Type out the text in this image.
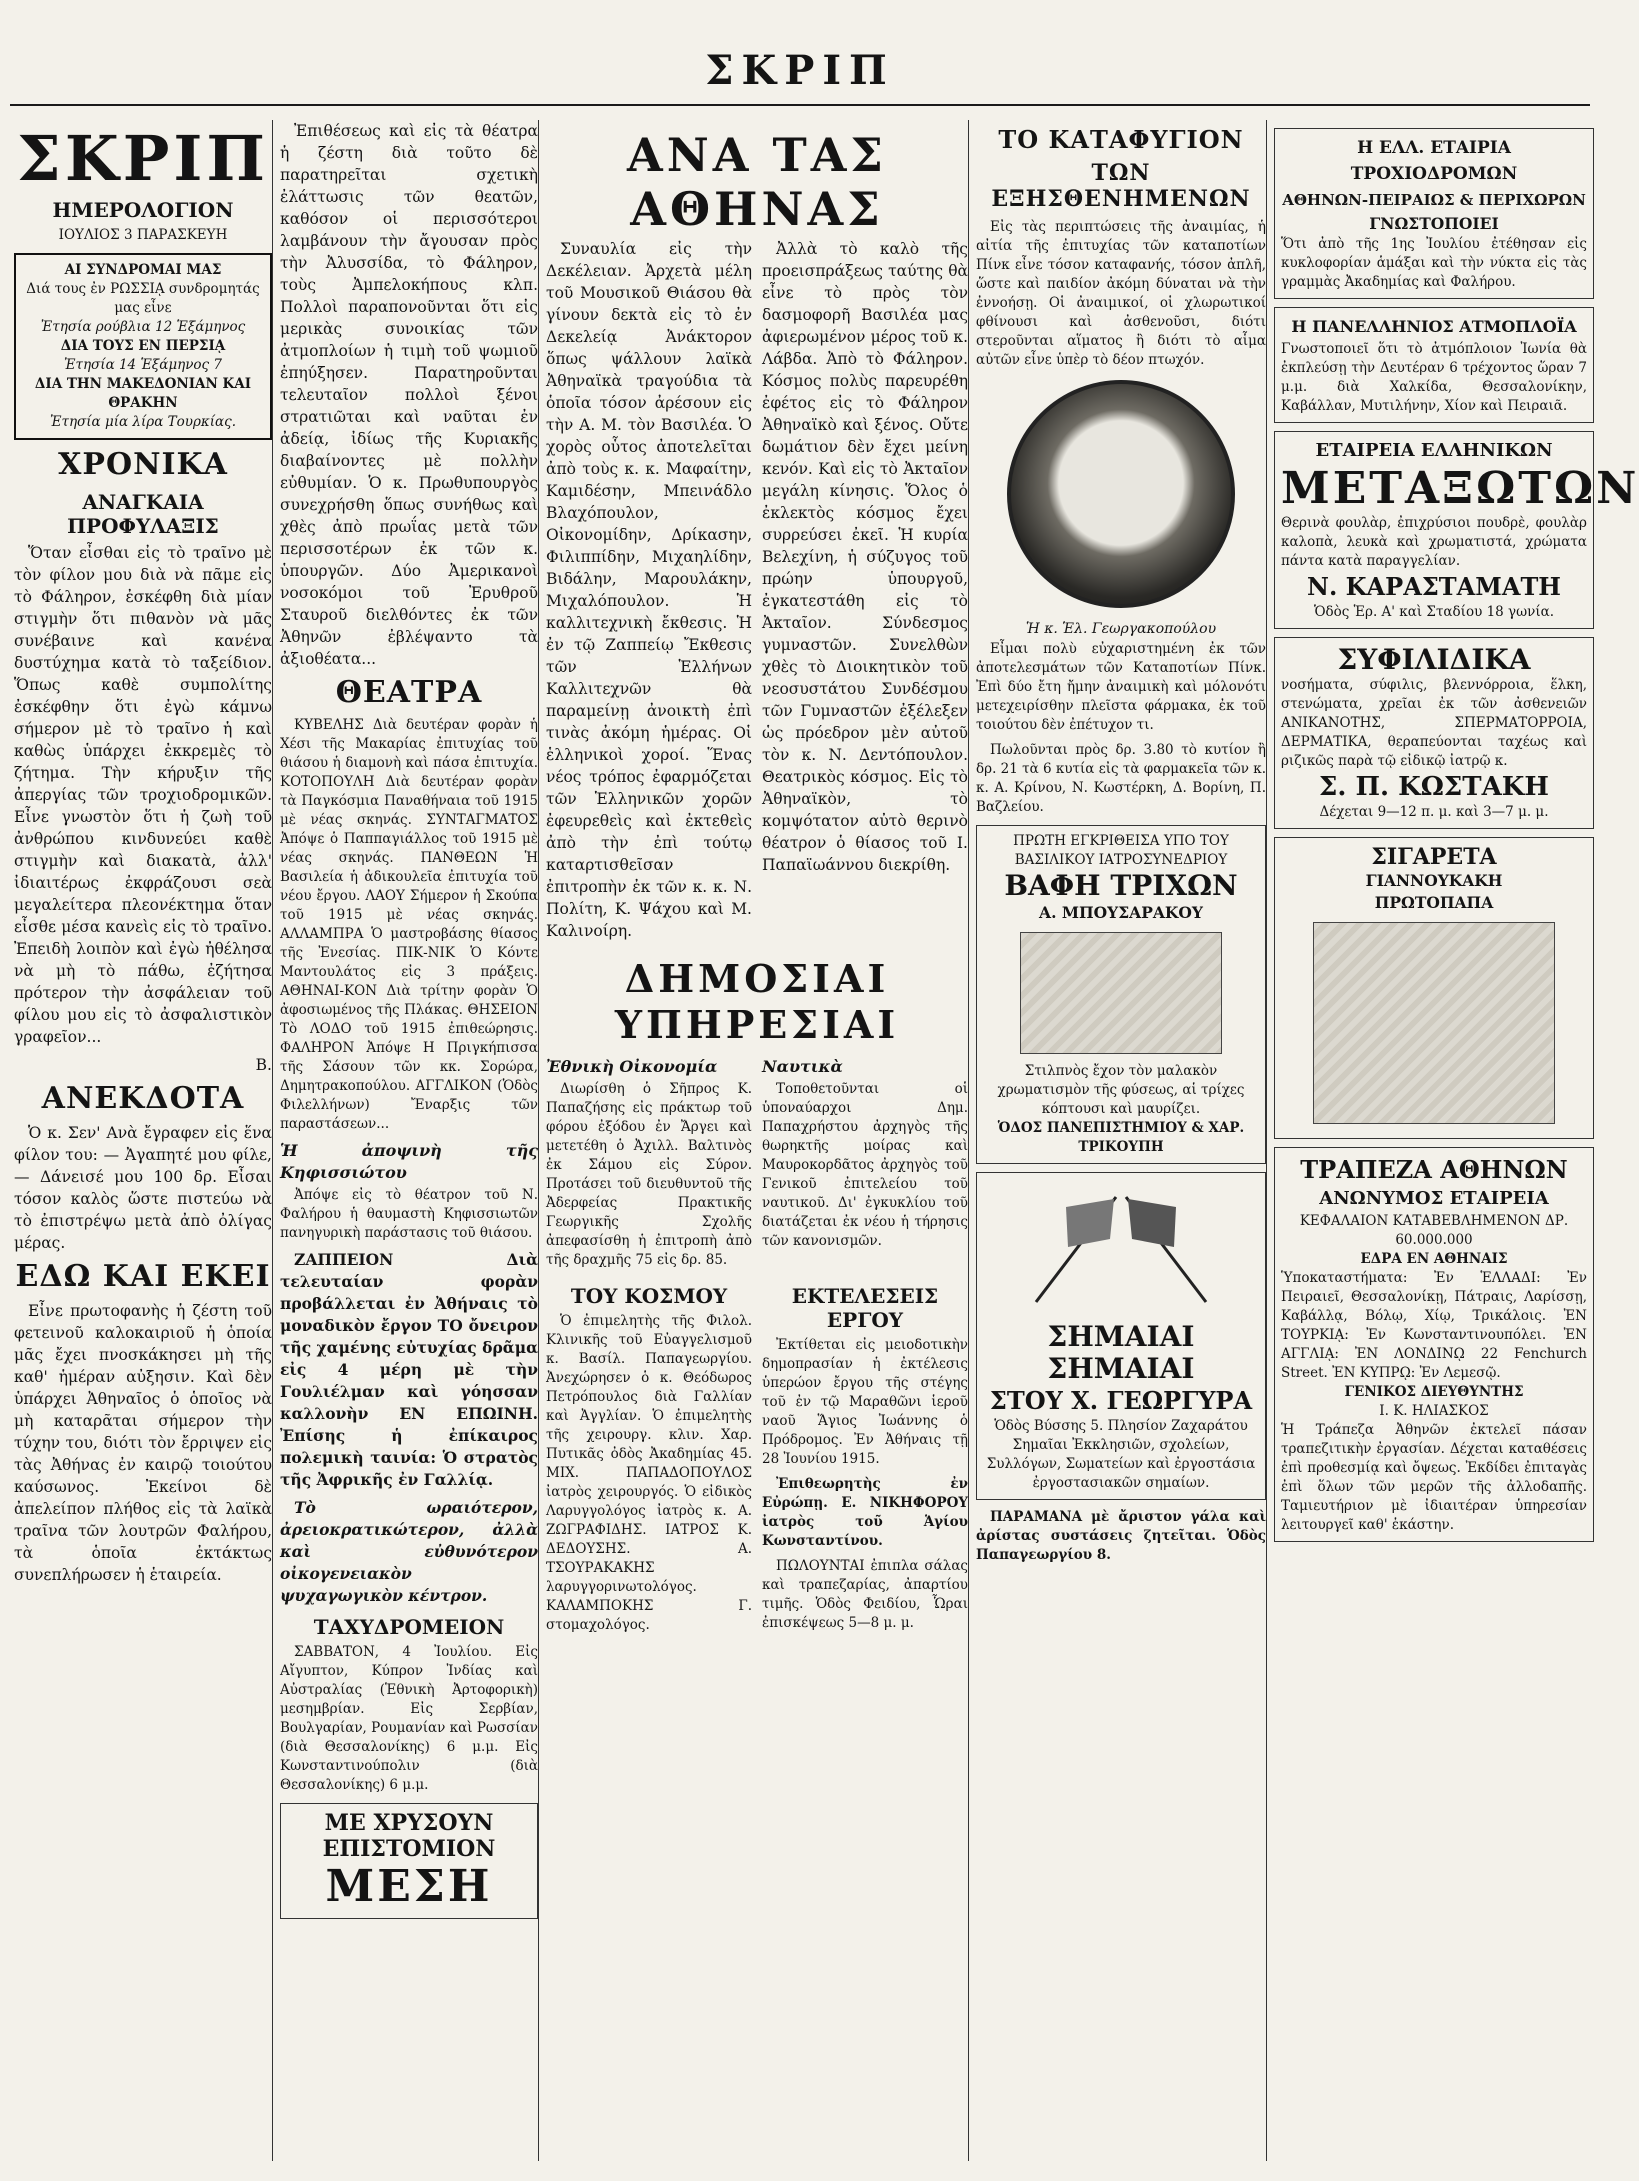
ΣΚΡΙΠ
ΣΚΡΙΠ
ΗΜΕΡΟΛΟΓΙΟΝ
ΙΟΥΛΙΟΣ 3 ΠΑΡΑΣΚΕΥΗ
ΑΙ ΣΥΝΔΡΟΜΑΙ ΜΑΣ
Διά τους ἐν ΡΩΣΣΙᾼ συνδρομητάς μας εἶνε
Ἐτησία ρούβλια 12 Ἑξάμηνος
ΔΙΑ ΤΟΥΣ ΕΝ ΠΕΡΣΙᾼ
Ἐτησία 14 Ἑξάμηνος 7
ΔΙΑ ΤΗΝ ΜΑΚΕΔΟΝΙΑΝ ΚΑΙ ΘΡΑΚΗΝ
Ἐτησία μία λίρα Τουρκίας.
ΧΡΟΝΙΚΑ
ΑΝΑΓΚΑΙΑ ΠΡΟΦΥΛΑΞΙΣ

Ὅταν εἶσθαι εἰς τὸ τραῖνο μὲ τὸν φίλον μου διὰ νὰ πᾶμε εἰς τὸ Φάληρον, ἐσκέφθη διὰ μίαν στιγμὴν ὅτι πιθανὸν νὰ μᾶς συνέβαινε καὶ κανένα δυστύχημα κατὰ τὸ ταξείδιον. Ὅπως καθὲ συμπολίτης ἐσκέφθην ὅτι ἐγὼ κάμνω σήμερον μὲ τὸ τραῖνο ἡ καὶ καθὼς ὑπάρχει ἐκκρεμὲς τὸ ζήτημα. Τὴν κήρυξιν τῆς ἀπεργίας τῶν τροχιοδρομικῶν. Εἶνε γνωστὸν ὅτι ἡ ζωὴ τοῦ ἀνθρώπου κινδυνεύει καθὲ στιγμὴν καὶ διακατὰ, ἀλλ' ἰδιαιτέρως ἐκφράζουσι σεὰ μεγαλείτερα πλεονέκτημα ὅταν εἶσθε μέσα κανεὶς εἰς τὸ τραῖνο. Ἐπειδὴ λοιπὸν καὶ ἐγὼ ἠθέλησα νὰ μὴ τὸ πάθω, ἐζήτησα πρότερον τὴν ἀσφάλειαν τοῦ φίλου μου εἰς τὸ ἀσφαλιστικὸν γραφεῖον...

Β.
ΑΝΕΚΔΟΤΑ

Ὁ κ. Σεν' Ανὰ ἔγραφεν εἰς ἕνα φίλον του: — Ἀγαπητέ μου φίλε, — Δάνεισέ μου 100 δρ. Εἶσαι τόσον καλὸς ὥστε πιστεύω νὰ τὸ ἐπιστρέψω μετὰ ἀπὸ ὀλίγας μέρας.

ΕΔΩ ΚΑΙ ΕΚΕΙ

Εἶνε πρωτοφανὴς ἡ ζέστη τοῦ φετεινοῦ καλοκαιριοῦ ἡ ὁποία μᾶς ἔχει πνοσκάκησει μὴ τῆς καθ' ἡμέραν αὐξησιν. Καὶ δὲν ὑπάρχει Ἀθηναῖος ὁ ὁποῖος νὰ μὴ καταρᾶται σήμερον τὴν τύχην του, διότι τὸν ἔρριψεν εἰς τὰς Ἀθήνας ἐν καιρῷ τοιούτου καύσωνος. Ἐκείνοι δὲ ἀπελείπον πλήθος εἰς τὰ λαϊκὰ τραῖνα τῶν λουτρῶν Φαλήρου, τὰ ὁποῖα ἐκτάκτως συνεπλήρωσεν ἡ ἑταιρεία.

Ἐπιθέσεως καὶ εἰς τὰ θέατρα ἡ ζέστη διὰ τοῦτο δὲ παρατηρεῖται σχετικὴ ἐλάττωσις τῶν θεατῶν, καθόσον οἱ περισσότεροι λαμβάνουν τὴν ἄγουσαν πρὸς τὴν Ἀλυσσίδα, τὸ Φάληρον, τοὺς Ἀμπελοκήπους κλπ. Πολλοὶ παραπονοῦνται ὅτι εἰς μερικὰς συνοικίας τῶν ἀτμοπλοίων ἡ τιμὴ τοῦ ψωμιοῦ ἐπηύξησεν. Παρατηροῦνται τελευταῖον πολλοὶ ξένοι στρατιῶται καὶ ναῦται ἐν ἀδείᾳ, ἰδίως τῆς Κυριακῆς διαβαίνοντες μὲ πολλὴν εὐθυμίαν. Ὁ κ. Πρωθυπουργὸς συνεχρήσθη ὅπως συνήθως καὶ χθὲς ἀπὸ πρωΐας μετὰ τῶν περισσοτέρων ἐκ τῶν κ. ὑπουργῶν. Δύο Ἀμερικανοὶ νοσοκόμοι τοῦ Ἐρυθροῦ Σταυροῦ διελθόντες ἐκ τῶν Ἀθηνῶν ἐβλέψαντο τὰ ἀξιοθέατα...

ΘΕΑΤΡΑ

ΚΥΒΕΛΗΣ Διὰ δευτέραν φορὰν ἡ Χέσι τῆς Μακαρίας ἐπιτυχίας τοῦ θιάσου ἡ διαμονὴ καὶ πάσα ἐπιτυχία. ΚΟΤΟΠΟΥΛΗ Διὰ δευτέραν φορὰν τὰ Παγκόσμια Παναθήναια τοῦ 1915 μὲ νέας σκηνάς. ΣΥΝΤΑΓΜΑΤΟΣ Ἀπόψε ὁ Παππαγιάλλος τοῦ 1915 μὲ νέας σκηνάς. ΠΑΝΘΕΩΝ Ἡ Βασιλεία ἡ ἀδικουλεῖα ἐπιτυχία τοῦ νέου ἔργου. ΛΑΟΥ Σήμερον ἡ Σκούπα τοῦ 1915 μὲ νέας σκηνάς. ΑΛΛΑΜΠΡΑ Ὁ μαστροβάσης θίασος τῆς Ἐνεσίας. ΠΙΚ-ΝΙΚ Ὁ Κόντε Μαντουλάτος εἰς 3 πράξεις. ΑΘΗΝΑΙ-ΚΟΝ Διὰ τρίτην φορὰν Ὁ ἀφοσιωμένος τῆς Πλάκας. ΘΗΣΕΙΟΝ Τὸ ΛΟΔΟ τοῦ 1915 ἐπιθεώρησις. ΦΑΛΗΡΟΝ Ἀπόψε Η Πριγκήπισσα τῆς Σάσουν τῶν κκ. Σορώρα, Δημητρακοπούλου. ΑΓΓΛΙΚΟΝ (Ὁδὸς Φιλελλήνων) Ἔναρξις τῶν παραστάσεων...

Ἡ ἀποψινὴ τῆς Κηφισσιώτου

Ἀπόψε εἰς τὸ θέατρον τοῦ Ν. Φαλήρου ἡ θαυμαστὴ Κηφισσιωτῶν πανηγυρικὴ παράστασις τοῦ θιάσου.

ΖΑΠΠΕΙΟΝ Διὰ τελευταίαν φορὰν προβάλλεται ἐν Ἀθήναις τὸ μοναδικὸν ἔργον ΤΟ ὄνειρον τῆς χαμένης εὐτυχίας δρᾶμα εἰς 4 μέρη μὲ τὴν Γουλιέλμαν καὶ γόησσαν καλλονὴν ΕΝ ΕΠΩΙΝΗ. Ἐπίσης ἡ ἐπίκαιρος πολεμικὴ ταινία: Ὁ στρατὸς τῆς Ἀφρικῆς ἐν Γαλλίᾳ.

Τὸ ωραιότερον, ἀρειοκρατικώτερον, ἀλλὰ καὶ εὐθυνότερον οἰκογενειακὸν ψυχαγωγικὸν κέντρον.

ΤΑΧΥΔΡΟΜΕΙΟΝ

ΣΑΒΒΑΤΟΝ, 4 Ἰουλίου. Εἰς Αἴγυπτον, Κύπρον Ἰνδίας καὶ Αὐστραλίας (Ἑθνικὴ Ἀρτοφορικὴ) μεσημβρίαν. Εἰς Σερβίαν, Βουλγαρίαν, Ρουμανίαν καὶ Ρωσσίαν (διὰ Θεσσαλονίκης) 6 μ.μ. Εἰς Κωνσταντινούπολιν (διὰ Θεσσαλονίκης) 6 μ.μ.

ΜΕ ΧΡΥΣΟΥΝ ΕΠΙΣΤΟΜΙΟΝ
ΜΕΣΗ
ΑΝΑ ΤΑΣ ΑΘΗΝΑΣ

Συναυλία εἰς τὴν Δεκέλειαν. Ἀρχετὰ μέλη τοῦ Μουσικοῦ Θιάσου θὰ γίνουν δεκτὰ εἰς τὸ ἐν Δεκελείᾳ Ἀνάκτορον ὅπως ψάλλουν λαϊκὰ Ἀθηναϊκὰ τραγούδια τὰ ὁποῖα τόσον ἀρέσουν εἰς τὴν Α. Μ. τὸν Βασιλέα. Ὁ χορὸς οὗτος ἀποτελεῖται ἀπὸ τοὺς κ. κ. Μαφαίτην, Καμιδέσην, Μπεινάδλο Βλαχόπουλον, Οἰκονομίδην, Δρίκασην, Φιλιππίδην, Μιχαηλίδην, Βιδάλην, Μαρουλάκην, Μιχαλόπουλον. Ἡ καλλιτεχνικὴ ἔκθεσις. Ἡ ἐν τῷ Ζαππείῳ Ἔκθεσις τῶν Ἑλλήνων Καλλιτεχνῶν θὰ παραμείνῃ ἀνοικτὴ ἐπὶ τινὰς ἀκόμη ἡμέρας. Οἱ ἑλληνικοὶ χοροί. Ἕνας νέος τρόπος ἐφαρμόζεται τῶν Ἑλληνικῶν χορῶν ἐφευρεθεὶς καὶ ἐκτεθεὶς ἀπὸ τὴν ἐπὶ τούτῳ καταρτισθεῖσαν ἐπιτροπὴν ἐκ τῶν κ. κ. Ν. Πολίτη, Κ. Ψάχου καὶ Μ. Καλινοίρη.

Ἀλλὰ τὸ καλὸ τῆς προεισπράξεως ταύτης θὰ εἶνε τὸ πρὸς τὸν δασμοφορῆ Βασιλέα μας ἀφιερωμένον μέρος τοῦ κ. Λάβδα. Ἀπὸ τὸ Φάληρον. Κόσμος πολὺς παρευρέθη ἐφέτος εἰς τὸ Φάληρον Ἀθηναϊκὸ καὶ ξένος. Οὔτε δωμάτιον δὲν ἔχει μείνη κενόν. Καὶ εἰς τὸ Ἀκταῖον μεγάλη κίνησις. Ὅλος ὁ ἐκλεκτὸς κόσμος ἔχει συρρεύσει ἐκεῖ. Ἡ κυρία Βελεχίνη, ἡ σύζυγος τοῦ πρώην ὑπουργοῦ, ἐγκατεστάθη εἰς τὸ Ἀκταῖον. Σύνδεσμος γυμναστῶν. Συνελθὼν χθὲς τὸ Διοικητικὸν τοῦ νεοσυστάτου Συνδέσμου τῶν Γυμναστῶν ἐξέλεξεν ὡς πρόεδρον μὲν αὐτοῦ τὸν κ. Ν. Δεντόπουλον. Θεατρικὸς κόσμος. Εἰς τὸ Ἀθηναϊκὸν, τὸ κομψότατον αὐτὸ θερινὸ θέατρον ὁ θίασος τοῦ Ι. Παπαϊωάννου διεκρίθη.

ΔΗΜΟΣΙΑΙ ΥΠΗΡΕΣΙΑΙ
Ἐθνικὴ Οἰκονομία

Διωρίσθη ὁ Σῆπρος Κ. Παπαζήσης εἰς πράκτωρ τοῦ φόρου ἐξόδου ἐν Ἄργει καὶ μετετέθη ὁ Ἀχιλλ. Βαλτινὸς ἐκ Σάμου εἰς Σύρον. Προτάσει τοῦ διευθυντοῦ τῆς Ἀδερφείας Πρακτικῆς Γεωργικῆς Σχολῆς ἀπεφασίσθη ἡ ἐπιτροπὴ ἀπὸ τῆς δραχμῆς 75 εἰς δρ. 85.

Ναυτικὰ

Τοποθετοῦνται οἱ ὑποναύαρχοι Δημ. Παπαχρήστου ἀρχηγὸς τῆς θωρηκτῆς μοίρας καὶ Μαυροκορδᾶτος ἀρχηγὸς τοῦ Γενικοῦ ἐπιτελείου τοῦ ναυτικοῦ. Δι' ἐγκυκλίου τοῦ διατάζεται ἐκ νέου ἡ τήρησις τῶν κανονισμῶν.

ΤΟΥ ΚΟΣΜΟΥ

Ὁ ἐπιμελητὴς τῆς Φιλολ. Κλινικῆς τοῦ Εὐαγγελισμοῦ κ. Βασίλ. Παπαγεωργίου. Ἀνεχώρησεν ὁ κ. Θεόδωρος Πετρόπουλος διὰ Γαλλίαν καὶ Ἀγγλίαν. Ὁ ἐπιμελητὴς τῆς χειρουργ. κλιν. Χαρ. Πυτικᾶς ὀδὸς Ἀκαδημίας 45. ΜΙΧ. ΠΑΠΑΔΟΠΟΥΛΟΣ ἰατρὸς χειρουργός. Ὁ εἰδικὸς Λαρυγγολόγος ἰατρὸς κ. Α. ΖΩΓΡΑΦΙΔΗΣ. ΙΑΤΡΟΣ Κ. ΔΕΔΟΥΣΗΣ. Α. ΤΣΟΥΡΑΚΑΚΗΣ λαρυγγορινωτολόγος. ΚΑΛΑΜΠΟΚΗΣ Γ. στομαχολόγος.

ΕΚΤΕΛΕΣΕΙΣ ΕΡΓΟΥ

Ἐκτίθεται εἰς μειοδοτικὴν δημοπρασίαν ἡ ἐκτέλεσις ὑπερώον ἔργου τῆς στέγης τοῦ ἐν τῷ Μαραθῶνι ἱεροῦ ναοῦ Ἅγιος Ἰωάννης ὁ Πρόδρομος. Ἐν Ἀθήναις τῇ 28 Ἰουνίου 1915.

Ἐπιθεωρητὴς ἐν Εὐρώπῃ. Ε. ΝΙΚΗΦΟΡΟΥ ἰατρὸς τοῦ Ἁγίου Κωνσταντίνου.

ΠΩΛΟΥΝΤΑΙ ἐπιπλα σάλας καὶ τραπεζαρίας, ἀπαρτίου τιμῆς. Ὁδὸς Φειδίου, Ὧραι ἐπισκέψεως 5—8 μ. μ.

ΤΟ ΚΑΤΑΦΥΓΙΟΝ
ΤΩΝ ΕΞΗΣΘΕΝΗΜΕΝΩΝ

Εἰς τὰς περιπτώσεις τῆς ἀναιμίας, ἡ αἰτία τῆς ἐπιτυχίας τῶν καταποτίων Πίνκ εἶνε τόσον καταφανής, τόσον ἀπλῆ, ὥστε καὶ παιδίον ἀκόμη δύναται νὰ τὴν ἐννοήσῃ. Οἱ ἀναιμικοί, οἱ χλωρωτικοί φθίνουσι καὶ ἀσθενοῦσι, διότι στεροῦνται αἵματος ἢ διότι τὸ αἷμα αὐτῶν εἶνε ὑπὲρ τὸ δέον πτωχόν.

Ἡ κ. Ἑλ. Γεωργακοπούλου

Εἶμαι πολὺ εὐχαριστημένη ἐκ τῶν ἀποτελεσμάτων τῶν Καταποτίων Πίνκ. Ἐπὶ δύο ἔτη ἤμην ἀναιμικὴ καὶ μόλονότι μετεχειρίσθην πλεῖστα φάρμακα, ἐκ τοῦ τοιούτου δὲν ἐπέτυχον τι.

Πωλοῦνται πρὸς δρ. 3.80 τὸ κυτίον ἢ δρ. 21 τὰ 6 κυτία εἰς τὰ φαρμακεῖα τῶν κ. κ. Α. Κρίνου, Ν. Κωστέρκη, Δ. Βορίνη, Π. Βαζλείου.

ΠΡΩΤΗ ΕΓΚΡΙΘΕΙΣΑ ΥΠΟ ΤΟΥ ΒΑΣΙΛΙΚΟΥ ΙΑΤΡΟΣΥΝΕΔΡΙΟΥ
ΒΑΦΗ ΤΡΙΧΩΝ
Α. ΜΠΟΥΣΑΡΑΚΟΥ
Στιλπνὸς ἔχον τὸν μαλακὸν χρωματισμὸν τῆς φύσεως, αἱ τρίχες κόπτουσι καὶ μαυρίζει.
ὉΔΟΣ ΠΑΝΕΠΙΣΤΗΜΙΟΥ & ΧΑΡ. ΤΡΙΚΟΥΠΗ
ΣΗΜΑΙΑΙ ΣΗΜΑΙΑΙ
ΣΤΟΥ Χ. ΓΕΩΡΓΥΡΑ
Ὁδὸς Βύσσης 5. Πλησίον Ζαχαράτου Σημαῖαι Ἐκκλησιῶν, σχολείων, Συλλόγων, Σωματείων καὶ ἐργοστάσια ἐργοστασιακῶν σημαίων.

ΠΑΡΑΜΑΝΑ μὲ ἄριστον γάλα καὶ ἀρίστας συστάσεις ζητεῖται. Ὁδὸς Παπαγεωργίου 8.

Η ΕΛΛ. ΕΤΑΙΡΙΑ ΤΡΟΧΙΟΔΡΟΜΩΝ
ΑΘΗΝΩΝ-ΠΕΙΡΑΙΩΣ & ΠΕΡΙΧΩΡΩΝ
ΓΝΩΣΤΟΠΟΙΕΙ
Ὅτι ἀπὸ τῆς 1ης Ἰουλίου ἐτέθησαν εἰς κυκλοφορίαν ἁμάξαι καὶ τὴν νύκτα εἰς τὰς γραμμὰς Ἀκαδημίας καὶ Φαλήρου.
Η ΠΑΝΕΛΛΗΝΙΟΣ ΑΤΜΟΠΛΟΪΑ
Γνωστοποιεῖ ὅτι τὸ ἀτμόπλοιον Ἰωνία θὰ ἐκπλεύσῃ τὴν Δευτέραν 6 τρέχοντος ὥραν 7 μ.μ. διὰ Χαλκίδα, Θεσσαλονίκην, Καβάλλαν, Μυτιλήνην, Χίον καὶ Πειραιᾶ.
ΕΤΑΙΡΕΙΑ ΕΛΛΗΝΙΚΩΝ
ΜΕΤΑΞΩΤΩΝ
Θερινὰ φουλὰρ, ἐπιχρύσιοι πουδρὲ, φουλὰρ καλοπὰ, λευκὰ καὶ χρωματιστά, χρώματα πάντα κατὰ παραγγελίαν.
Ν. ΚΑΡΑΣΤΑΜΑΤΗ
Ὁδὸς Ἑρ. Α' καὶ Σταδίου 18 γωνία.
ΣΥΦΙΛΙΔΙΚΑ
νοσήματα, σύφιλις, βλεννόρροια, ἕλκη, στενώματα, χρεῖαι ἐκ τῶν ἀσθενειῶν ΑΝΙΚΑΝΟΤΗΣ, ΣΠΕΡΜΑΤΟΡΡΟΙΑ, ΔΕΡΜΑΤΙΚΑ, θεραπεύονται ταχέως καὶ ριζικῶς παρὰ τῷ εἰδικῷ ἰατρῷ κ.
Σ. Π. ΚΩΣΤΑΚΗ
Δέχεται 9—12 π. μ. καὶ 3—7 μ. μ.
ΣΙΓΑΡΕΤΑ
ΓΙΑΝΝΟΥΚΑΚΗ
ΠΡΩΤΟΠΑΠΑ
ΤΡΑΠΕΖΑ ΑΘΗΝΩΝ
ΑΝΩΝΥΜΟΣ ΕΤΑΙΡΕΙΑ
ΚΕΦΑΛΑΙΟΝ ΚΑΤΑΒΕΒΛΗΜΕΝΟΝ ΔΡ. 60.000.000
ΕΔΡΑ ΕΝ ΑΘΗΝΑΙΣ
Ὑποκαταστήματα: Ἐν ἙΛΛΑΔΙ: Ἐν Πειραιεῖ, Θεσσαλονίκῃ, Πάτραις, Λαρίσσῃ, Καβάλλᾳ, Βόλῳ, Χίῳ, Τρικάλοις. ἘΝ ΤΟΥΡΚΙᾼ: Ἐν Κωνσταντινουπόλει. ἘΝ ΑΓΓΛΙᾼ: ἘΝ ΛΟΝΔΙΝῼ 22 Fenchurch Street. ἘΝ ΚΥΠΡῼ: Ἐν Λεμεσῷ.
ΓΕΝΙΚΟΣ ΔΙΕΥΘΥΝΤΗΣ
Ι. Κ. ΗΛΙΑΣΚΟΣ
Ἡ Τράπεζα Ἀθηνῶν ἐκτελεῖ πάσαν τραπεζιτικὴν ἐργασίαν. Δέχεται καταθέσεις ἐπὶ προθεσμίᾳ καὶ ὄψεως. Ἐκδίδει ἐπιταγὰς ἐπὶ ὅλων τῶν μερῶν τῆς ἀλλοδαπῆς. Ταμιευτήριον μὲ ἰδιαιτέραν ὑπηρεσίαν λειτουργεῖ καθ' ἑκάστην.
